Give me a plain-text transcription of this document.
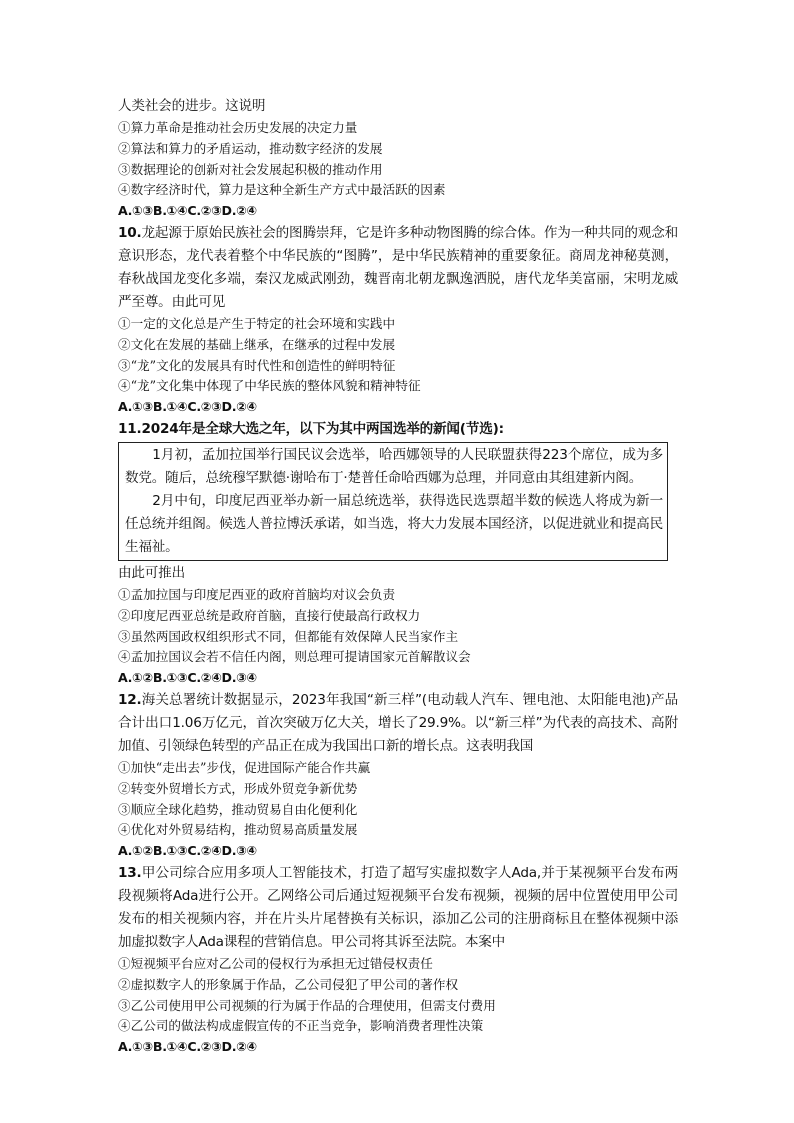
人类社会的进步。这说明
①算力革命是推动社会历史发展的决定力量
②算法和算力的矛盾运动，推动数字经济的发展
③数据理论的创新对社会发展起积极的推动作用
④数字经济时代，算力是这种全新生产方式中最活跃的因素
A.①③B.①④C.②③D.②④
10.龙起源于原始民族社会的图腾崇拜，它是许多种动物图腾的综合体。作为一种共同的观念和意识形态，龙代表着整个中华民族的“图腾”，是中华民族精神的重要象征。商周龙神秘莫测，春秋战国龙变化多端，秦汉龙威武刚劲，魏晋南北朝龙飘逸洒脱，唐代龙华美富丽，宋明龙威严至尊。由此可见
①一定的文化总是产生于特定的社会环境和实践中
②文化在发展的基础上继承，在继承的过程中发展
③“龙”文化的发展具有时代性和创造性的鲜明特征
④“龙”文化集中体现了中华民族的整体风貌和精神特征
A.①③B.①④C.②③D.②④
11.2024年是全球大选之年，以下为其中两国选举的新闻(节选):

1月初，孟加拉国举行国民议会选举，哈西娜领导的人民联盟获得223个席位，成为多数党。随后，总统穆罕默德·谢哈布丁·楚普任命哈西娜为总理，并同意由其组建新内阁。

2月中旬，印度尼西亚举办新一届总统选举，获得选民选票超半数的候选人将成为新一任总统并组阁。候选人普拉博沃承诺，如当选，将大力发展本国经济，以促进就业和提高民生福祉。

由此可推出
①孟加拉国与印度尼西亚的政府首脑均对议会负责
②印度尼西亚总统是政府首脑，直接行使最高行政权力
③虽然两国政权组织形式不同，但都能有效保障人民当家作主
④孟加拉国议会若不信任内阁，则总理可提请国家元首解散议会
A.①②B.①③C.②④D.③④
12.海关总署统计数据显示，2023年我国“新三样”(电动载人汽车、锂电池、太阳能电池)产品合计出口1.06万亿元，首次突破万亿大关，增长了29.9%。以“新三样”为代表的高技术、高附加值、引领绿色转型的产品正在成为我国出口新的增长点。这表明我国
①加快“走出去”步伐，促进国际产能合作共赢
②转变外贸增长方式，形成外贸竞争新优势
③顺应全球化趋势，推动贸易自由化便利化
④优化对外贸易结构，推动贸易高质量发展
A.①②B.①③C.②④D.③④
13.甲公司综合应用多项人工智能技术，打造了超写实虚拟数字人Ada,并于某视频平台发布两段视频将Ada进行公开。乙网络公司后通过短视频平台发布视频，视频的居中位置使用甲公司发布的相关视频内容，并在片头片尾替换有关标识，添加乙公司的注册商标且在整体视频中添加虚拟数字人Ada课程的营销信息。甲公司将其诉至法院。本案中
①短视频平台应对乙公司的侵权行为承担无过错侵权责任
②虚拟数字人的形象属于作品，乙公司侵犯了甲公司的著作权
③乙公司使用甲公司视频的行为属于作品的合理使用，但需支付费用
④乙公司的做法构成虚假宣传的不正当竞争，影响消费者理性决策
A.①③B.①④C.②③D.②④
